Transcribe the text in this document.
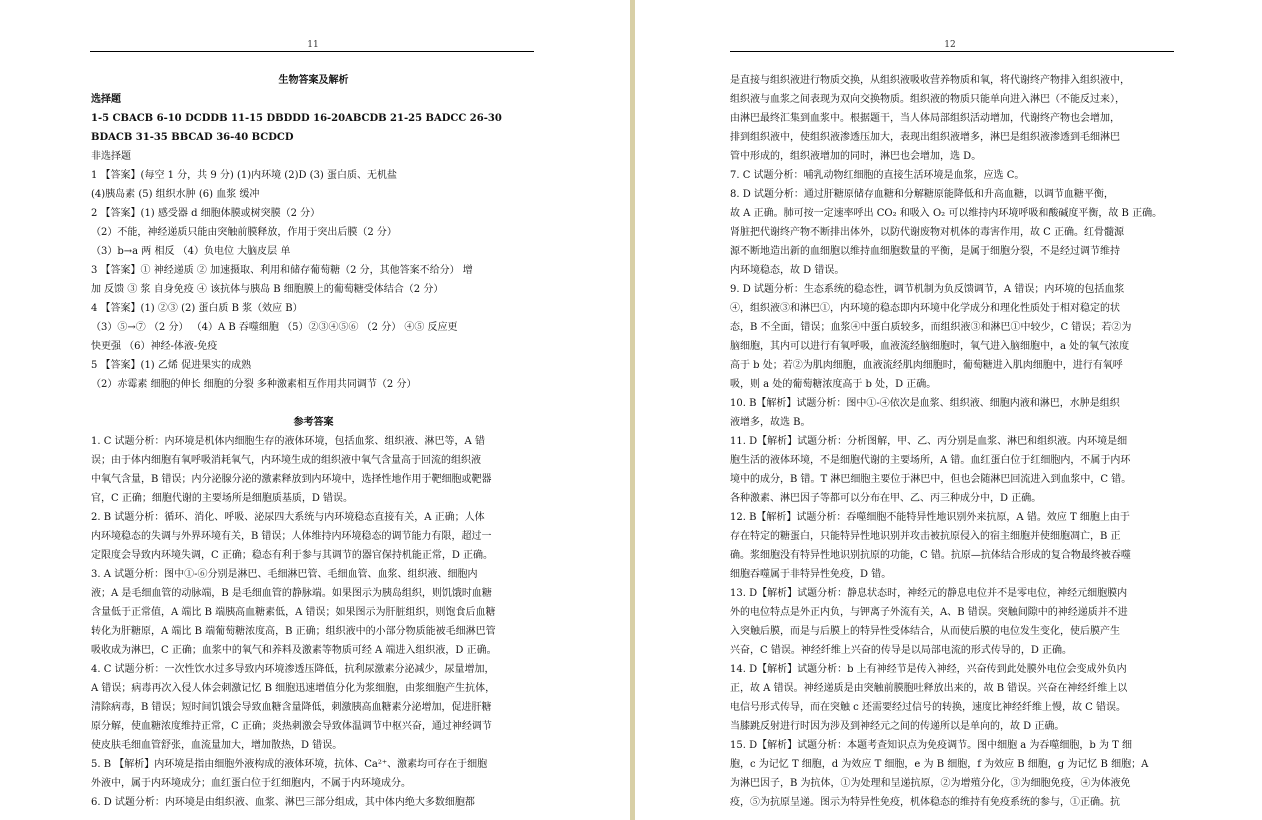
11
生物答案及解析
选择题
1-5 CBACB 6-10 DCDDB 11-15 DBDDD 16-20ABCDB 21-25 BADCC 26-30
BDACB 31-35 BBCAD 36-40 BCDCD
非选择题
1 【答案】(每空 1 分，共 9 分) (1)内环境 (2)D (3) 蛋白质、无机盐
(4)胰岛素 (5) 组织水肿 (6) 血浆 缓冲
2 【答案】(1) 感受器 d 细胞体膜或树突膜（2 分）
（2）不能，神经递质只能由突触前膜释放，作用于突出后膜（2 分）
（3）b→a 两 相反 （4）负电位 大脑皮层 单
3 【答案】① 神经递质 ② 加速摄取、利用和储存葡萄糖（2 分，其他答案不给分） 增
加 反馈 ③ 浆 自身免疫 ④ 该抗体与胰岛 B 细胞膜上的葡萄糖受体结合（2 分）
4 【答案】(1) ②③ (2) 蛋白质 B 浆（效应 B）
（3）⑤→⑦ （2 分） （4）A B 吞噬细胞 （5）②③④⑤⑥ （2 分） ④⑤ 反应更
快更强 （6）神经-体液-免疫
5 【答案】(1) 乙烯 促进果实的成熟
（2）赤霉素 细胞的伸长 细胞的分裂 多种激素相互作用共同调节（2 分）

参考答案
1. C 试题分析：内环境是机体内细胞生存的液体环境，包括血浆、组织液、淋巴等，A 错
误；由于体内细胞有氧呼吸消耗氧气，内环境生成的组织液中氧气含量高于回流的组织液
中氧气含量，B 错误；内分泌腺分泌的激素释放到内环境中，选择性地作用于靶细胞或靶器
官，C 正确；细胞代谢的主要场所是细胞质基质，D 错误。
2. B 试题分析：循环、消化、呼吸、泌尿四大系统与内环境稳态直接有关，A 正确；人体
内环境稳态的失调与外界环境有关，B 错误；人体维持内环境稳态的调节能力有限，超过一
定限度会导致内环境失调，C 正确；稳态有利于参与其调节的器官保持机能正常，D 正确。
3. A 试题分析：图中①-⑥分别是淋巴、毛细淋巴管、毛细血管、血浆、组织液、细胞内
液；A 是毛细血管的动脉端，B 是毛细血管的静脉端。如果图示为胰岛组织，则饥饿时血糖
含量低于正常值，A 端比 B 端胰高血糖素低，A 错误；如果图示为肝脏组织，则饱食后血糖
转化为肝糖原，A 端比 B 端葡萄糖浓度高，B 正确；组织液中的小部分物质能被毛细淋巴管
吸收成为淋巴，C 正确；血浆中的氧气和养料及激素等物质可经 A 端进入组织液，D 正确。
4. C 试题分析：一次性饮水过多导致内环境渗透压降低，抗利尿激素分泌减少，尿量增加，
A 错误；病毒再次入侵人体会刺激记忆 B 细胞迅速增值分化为浆细胞，由浆细胞产生抗体，
清除病毒，B 错误；短时间饥饿会导致血糖含量降低，刺激胰高血糖素分泌增加，促进肝糖
原分解，使血糖浓度维持正常，C 正确；炎热刺激会导致体温调节中枢兴奋，通过神经调节
使皮肤毛细血管舒张，血流量加大，增加散热，D 错误。
5. B 【解析】内环境是指由细胞外液构成的液体环境，抗体、Ca²⁺、激素均可存在于细胞
外液中，属于内环境成分；血红蛋白位于红细胞内，不属于内环境成分。
6. D 试题分析：内环境是由组织液、血浆、淋巴三部分组成，其中体内绝大多数细胞都
12
是直接与组织液进行物质交换，从组织液吸收营养物质和氧，将代谢终产物排入组织液中，
组织液与血浆之间表现为双向交换物质。组织液的物质只能单向进入淋巴（不能反过来），
由淋巴最终汇集到血浆中。根据题干，当人体局部组织活动增加，代谢终产物也会增加，
排到组织液中，使组织液渗透压加大，表现出组织液增多，淋巴是组织液渗透到毛细淋巴
管中形成的，组织液增加的同时，淋巴也会增加，选 D。
7. C 试题分析：哺乳动物红细胞的直接生活环境是血浆，应选 C。
8. D 试题分析：通过肝糖原储存血糖和分解糖原能降低和升高血糖，以调节血糖平衡，
故 A 正确。肺可按一定速率呼出 CO₂ 和吸入 O₂ 可以维持内环境呼吸和酸碱度平衡，故 B 正确。
肾脏把代谢终产物不断排出体外，以防代谢废物对机体的毒害作用，故 C 正确。红骨髓源
源不断地造出新的血细胞以维持血细胞数量的平衡，是属于细胞分裂，不是经过调节维持
内环境稳态，故 D 错误。
9. D 试题分析：生态系统的稳态性，调节机制为负反馈调节，A 错误；内环境的包括血浆
④，组织液③和淋巴①，内环境的稳态即内环境中化学成分和理化性质处于相对稳定的状
态，B 不全面，错误；血浆④中蛋白质较多，而组织液③和淋巴①中较少，C 错误；若②为
脑细胞，其内可以进行有氧呼吸，血液流经脑细胞时，氧气进入脑细胞中，a 处的氧气浓度
高于 b 处；若②为肌肉细胞，血液流经肌肉细胞时，葡萄糖进入肌肉细胞中，进行有氧呼
吸，则 a 处的葡萄糖浓度高于 b 处，D 正确。
10. B【解析】试题分析：图中①-④依次是血浆、组织液、细胞内液和淋巴，水肿是组织
液增多，故选 B。
11. D【解析】试题分析：分析图解，甲、乙、丙分别是血浆、淋巴和组织液。内环境是细
胞生活的液体环境，不是细胞代谢的主要场所，A 错。血红蛋白位于红细胞内，不属于内环
境中的成分，B 错。T 淋巴细胞主要位于淋巴中，但也会随淋巴回流进入到血浆中，C 错。
各种激素、淋巴因子等都可以分布在甲、乙、丙三种成分中，D 正确。
12. B【解析】试题分析：吞噬细胞不能特异性地识别外来抗原，A 错。效应 T 细胞上由于
存在特定的糖蛋白，只能特异性地识别并攻击被抗原侵入的宿主细胞并使细胞凋亡，B 正
确。浆细胞没有特异性地识别抗原的功能，C 错。抗原—抗体结合形成的复合物最终被吞噬
细胞吞噬属于非特异性免疫，D 错。
13. D【解析】试题分析：静息状态时，神经元的静息电位并不是零电位，神经元细胞膜内
外的电位特点是外正内负，与钾离子外流有关，A、B 错误。突触间隙中的神经递质并不进
入突触后膜，而是与后膜上的特异性受体结合，从而使后膜的电位发生变化，使后膜产生
兴奋，C 错误。神经纤维上兴奋的传导是以局部电流的形式传导的，D 正确。
14. D【解析】试题分析：b 上有神经节是传入神经，兴奋传到此处膜外电位会变成外负内
正，故 A 错误。神经递质是由突触前膜胞吐释放出来的，故 B 错误。兴奋在神经纤维上以
电信号形式传导，而在突触 c 还需要经过信号的转换，速度比神经纤维上慢，故 C 错误。
当膝跳反射进行时因为涉及到神经元之间的传递所以是单向的，故 D 正确。
15. D【解析】试题分析：本题考查知识点为免疫调节。图中细胞 a 为吞噬细胞，b 为 T 细
胞，c 为记忆 T 细胞，d 为效应 T 细胞，e 为 B 细胞，f 为效应 B 细胞，g 为记忆 B 细胞；A
为淋巴因子，B 为抗体，①为处理和呈递抗原，②为增殖分化，③为细胞免疫，④为体液免
疫，⑤为抗原呈递。图示为特异性免疫，机体稳态的维持有免疫系统的参与，①正确。抗
